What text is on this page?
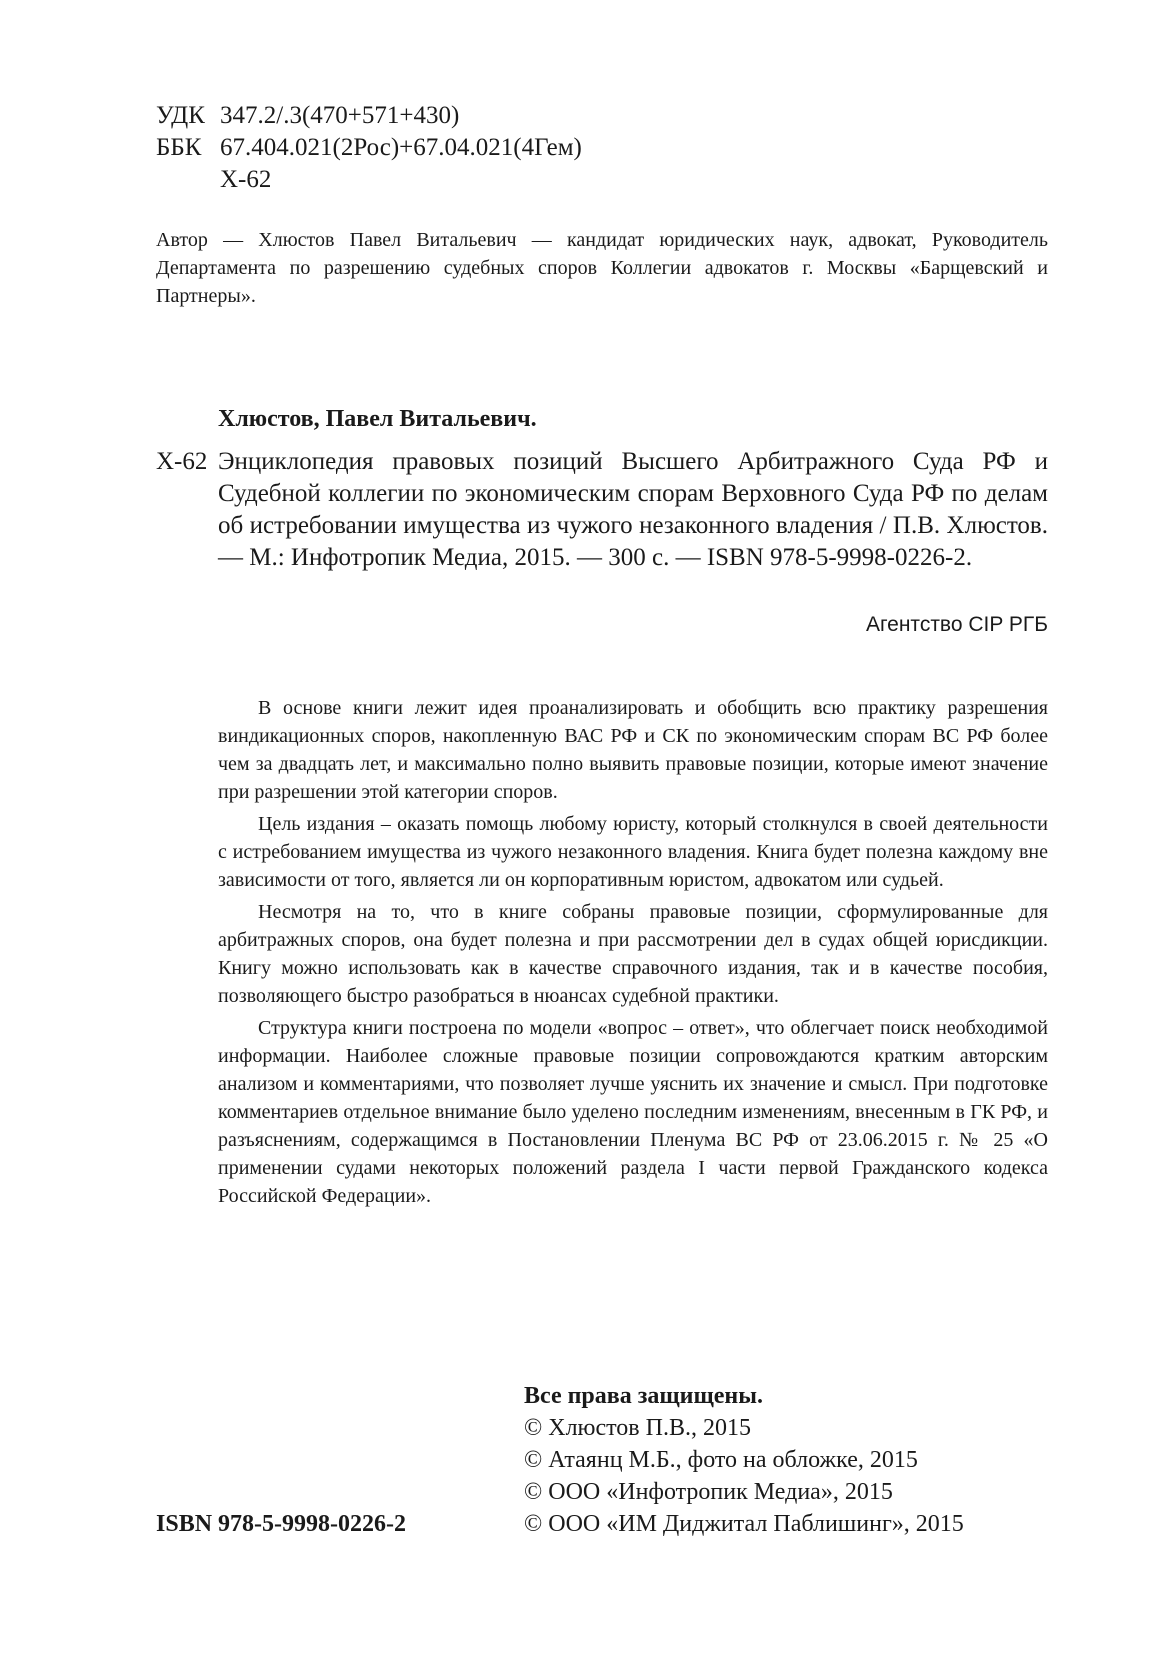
УДК 347.2/.3(470+571+430)
ББК 67.404.021(2Рос)+67.04.021(4Гем)
Х-62
Автор — Хлюстов Павел Витальевич — кандидат юридических наук, адвокат, Руководитель Департамента по разрешению судебных споров Коллегии адвокатов г. Москвы «Барщевский и Партнеры».
Хлюстов, Павел Витальевич.
Х-62 Энциклопедия правовых позиций Высшего Арбитражного Суда РФ и Судебной коллегии по экономическим спорам Верховного Суда РФ по делам об истребовании имущества из чужого незаконного владения / П.В. Хлюстов. — М.: Инфотропик Медиа, 2015. — 300 с. — ISBN 978-5-9998-0226-2.
Агентство CIP РГБ

В основе книги лежит идея проанализировать и обобщить всю практику разрешения виндикационных споров, накопленную ВАС РФ и СК по экономическим спорам ВС РФ более чем за двадцать лет, и максимально полно выявить правовые позиции, которые имеют значение при разрешении этой категории споров.

Цель издания – оказать помощь любому юристу, который столкнулся в своей деятельности с истребованием имущества из чужого незаконного владения. Книга будет полезна каждому вне зависимости от того, является ли он корпоративным юристом, адвокатом или судьей.

Несмотря на то, что в книге собраны правовые позиции, сформулированные для арбитражных споров, она будет полезна и при рассмотрении дел в судах общей юрисдикции. Книгу можно использовать как в качестве справочного издания, так и в качестве пособия, позволяющего быстро разобраться в нюансах судебной практики.

Структура книги построена по модели «вопрос – ответ», что облегчает поиск необходимой информации. Наиболее сложные правовые позиции сопровождаются кратким авторским анализом и комментариями, что позволяет лучше уяснить их значение и смысл. При подготовке комментариев отдельное внимание было уделено последним изменениям, внесенным в ГК РФ, и разъяснениям, содержащимся в Постановлении Пленума ВС РФ от 23.06.2015 г. № 25 «О применении судами некоторых положений раздела I части первой Гражданского кодекса Российской Федерации».

Все права защищены.
© Хлюстов П.В., 2015
© Атаянц М.Б., фото на обложке, 2015
© ООО «Инфотропик Медиа», 2015
© ООО «ИМ Диджитал Паблишинг», 2015
ISBN 978-5-9998-0226-2
